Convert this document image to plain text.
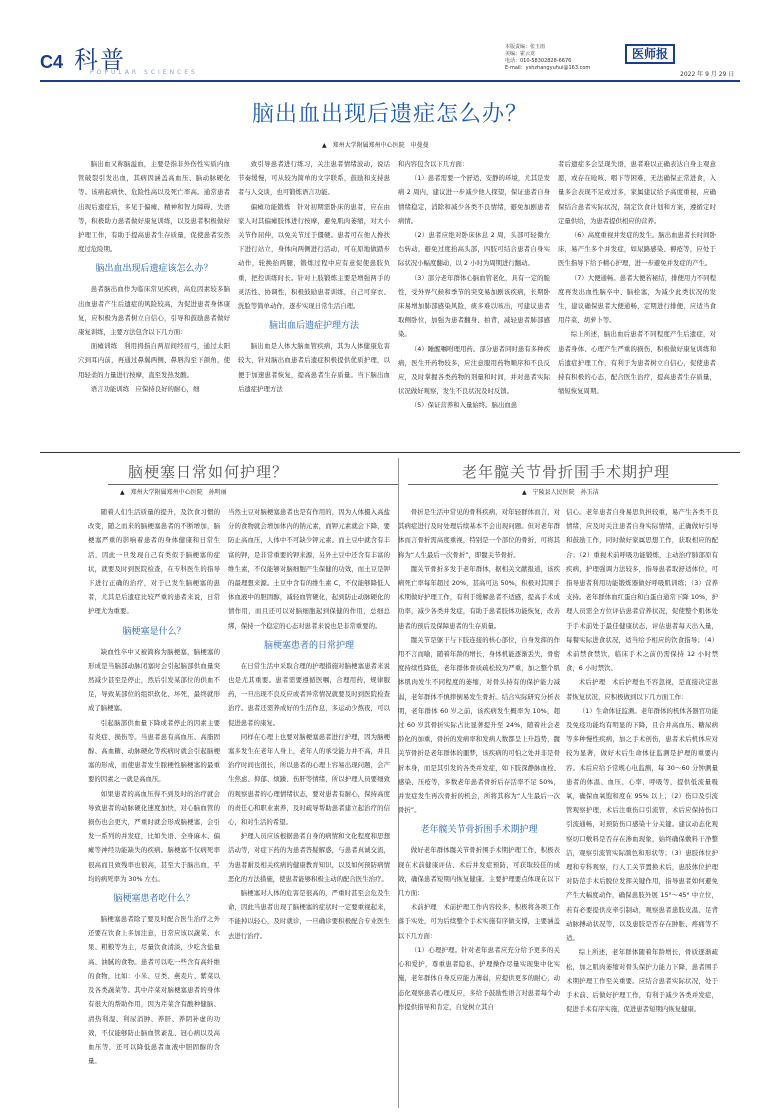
C4 科普
POPULAR SCIENCES
本版责编：张玉雨
美编：霍云龙
电话：010-58302828-6676
E-mail：yshzhangyuhui@163.com
医师报
2022 年 9 月 29 日
脑出血出现后遗症怎么办？
▲　郑州大学附属郑州中心医院　申曼曼

脑出血又称脑溢血，主要是指非外伤性实质内血管破裂引发出血，其病因涵盖高血压、脑动脉硬化等。该病起病快、危险性高以及死亡率高。通常患者出现后遗症后，多见于偏瘫、精神和智力障碍、失语等，积极助力患者做好康复训练，以及患者积极做好护理工作，有助于提高患者生存质量，促使患者安然度过危险期。

脑出血出现后遗症该怎么办？

患者脑出血作为临床常见疾病，高危因素较多脑出血患者产生后遗症的风险较高，为促进患者身体康复，应积极为患者树立自信心，引导和鼓励患者做好康复训练，主要方法包含以下几方面：

面瘫训练　利用拇指自两眉间经眉弓，通过太阳穴到耳内前，再通过鼻翼两侧、鼻唇沟至下颌角，使用轻柔的力量进行按摩，直至发热发酸。

语言功能训练　应保持良好的耐心，细

致引导患者进行练习，关注患者情绪波动，说话节奏缓慢，可从较为简单的文字联系，鼓励和支持患者与人交谈，也可锻炼语言功能。

偏瘫功能锻炼　针对初期需卧床的患者，应在由家人对其偏瘫肢体进行按摩，避免肌肉萎缩，对大小关节作屈伸，以免关节过于僵硬。患者可在他人搀扶下进行站立，身体向两侧进行活动，可在原地做踏步动作，轮换抬两腿，锻炼过程中应有意促使患肢负重，把控训练时长。针对上肢锻炼主要是增强两手的灵活性、协调性，积极鼓励患者训练，自己可穿衣、洗脸等简单动作，逐步实现日常生活自理。

脑出血后遗症护理方法

脑出血是人体大脑血管疾病，其为人体健康危害较大，针对脑出血患者后遗症积极提供优质护理，以便于加速患者恢复，提高患者生存质量。当下脑出血后遗症护理方法

和内容包含以下几方面：

（1）患者需要一个舒适、安静的环境，尤其是发病 2 周内，建议进一步减少他人探望，保证患者自身情绪稳定，消除和减少各类不良情绪，避免加剧患者病情。

（2）患者应绝对卧床休息 2 周，头部可轻微左右转动，避免过度抬高头部，四肢可结合患者自身实际状况小幅度翻动，以 2 小时为周期进行翻动。

（3）部分老年群体心脑血管老化，具有一定的脆性，受外界气候和季节的突变易加剧该疾病，长期卧床易增加肺部感染风险，痰多难以咳出，可建议患者取侧卧位，加强为患者翻身、拍背，减轻患者肺部感染。

（4）睡醒嘱咐理用药。部分患者同时患有多种疾病，医生开药物较多，应注意服用药物顺序和不良反应，及时掌握各类药物的剂量和时间，并对患者实际状况做好观察，发生不良状况及时反馈。

（5）保证营养和入量始终。脑出血患

者后遗症多会呈现失语，患者难以正确表达自身主观意愿，或存在呛咳、咽下等困难，无法确保正常进食，入量多会表现不足或过多，家属建议给予高度重视，应确保结合患者实际状况，制定饮食计划和方案，遵循定时定量供给，为患者提供相应的营养。

（6）高度重视并发症的发生。脑出血患者长时间卧床，易产生多个并发症，如尿路感染、褥疮等，应处于医生指导下给予精心护理，进一步避免并发症的产生。

（7）大便通畅。患者大便若秘结，排便用力不同程度再发出血性脑卒中、脑栓塞，为减少此类状况的发生，建议确保患者大便通畅，定期进行排便，应适当食用芹菜、胡萝卜等。

综上所述，脑出血后患者不同程度产生后遗症，对患者身体、心理产生严重的损伤，积极做好康复训练和后遗症护理工作，有利于为患者树立自信心，促使患者持有积极的心态，配合医生治疗，提高患者生存质量，缩短恢复周期。

脑梗塞日常如何护理？
▲　郑州大学附属郑州中心医院　孙明丽

随着人们生活质量的提升，及饮食习惯的改变，随之而来的脑梗塞患者的不断增加，脑梗塞严重的影响着患者的身体健康和日常生活，因此一旦发现自己有类似于脑梗塞的症状，就要及时到医院检查，在专科医生的指导下进行正确的治疗，对于已发生脑梗塞的患者，尤其是后遗症比较严重的患者来说，日常护理尤为重要。

脑梗塞是什么？

缺血性卒中又被简称为脑梗塞，脑梗塞的形成是当脑部动脉闭塞时会引起脑部供血量突然减少甚至是停止，然后引发某部位的供血不足，导致某部位的组织软化、坏死，最终就形成了脑梗塞。

引起脑部供血量下降或者停止的因素主要有炎症、损伤等。当患者患有高血压、高脂固醇、高血糖、动脉硬化等疾病时就会引起脑梗塞的形成，而使患者发生脓梗性脑梗塞的最重要的因素之一就是高血压。

如果患者的高血压得不到及时的治疗就会导致患者的动脉硬化速度加快，对心脑血管的损伤也会更大，严重时就会形成脑梗塞，会引发一系列的并发症，比如失语、全身麻木、偏瘫等神经功能缺失的疾病。脑梗塞不仅病死率很高而且致残率也很高，甚至大于脑出血，平均的病死率为 30% 左右。

脑梗塞患者吃什么？

脑梗塞患者除了要及时配合医生治疗之外还要在饮食上多加注意，日常应该以蔬菜、水果、粗粮等为主，尽量饮食清淡，少吃含盐量高、油腻的食物。患者可以吃一些含有高纤维的食物，比如：小米、豆类、燕麦片、紫菜以及各类蔬菜等。其中芹菜对脑梗塞患者的身体有很大的帮助作用，因为芹菜含有酸种健脑、清热利湿、利尿消肿、养肝、养阴补虚的功效，不仅能够防止脑血管紊乱、冠心病以及高血压等，还可以降低患者血液中胆固醇的含量。

当然土豆对脑梗塞患者也是有作用的，因为人体摄入高盐分的食物就会增加体内的钠元素，而钾元素就会下降，要防止高血压，人体中不可缺少钾元素。而土豆中就含有丰富的钾，是非常重要的钾来源，另外土豆中还含有丰富的维生素，不仅能够对脑细胞产生保健的功效，而土豆是钾的最理想来源。土豆中含有的维生素 C，不仅能够降低人体血液中的胆固醇，减轻血管硬化，起到防止动脉硬化的情作用，而且还可以对脑细胞起到保健的作用，总细总绑，保持一个稳定的心态对患者来说也是非常重要的。

脑梗塞患者的日常护理

在日常生活中采取合理的护理措施对脑梗塞患者来说也是尤其重要。患者需要遵循医嘱，合理用药，规律服药，一旦出现不良反应或者异常情况就要及时到医院检查治疗。患者还需养成好的生活作息，多运动少熬夜，可以促进患者的康复。

同样在心理上也要对脑梗塞患者进行护理，因为脑梗塞多发生在老年人身上，老年人的承受能力并不高，并且治疗时间也很长，所以患者的心理上容易出现问题，会产生焦虑、抑郁、烦躁、伤肝等情绪，所以护理人员要细致的观察患者的心理情绪状态，要对患者有耐心，保持高度的责任心和职业素养，及时疏导帮助患者建立起治疗的信心，和对生活的希望。

护理人员应该根据患者自身的病情和文化程度和思想活动等，对症下药的为患者答疑解惑，与患者真诚交流，为患者耐及相关疾病的健康教育知识，以及如何预防病情恶化的方法措施，使患者能够积极主动的配合医生治疗。

脑梗塞对人体的危害是很高的，严重时甚至会危及生命，因此当患者出现了脑梗塞的症状时一定要重视起来，不能掉以轻心，及时就诊，一旦确诊要积极配合专业医生去进行治疗。

老年髋关节骨折围手术期护理
▲　宁陵县人民医院　孙玉洁

骨折是生活中常见的骨科疾病，对年轻群体而言，对其病症进行及时处理后续基本不会出现问题。但对老年群体而言骨折需高度重视，特别是一个部位的骨折，可将其称为“人生最后一次骨折”，即髋关节骨折。

髋关节骨折多发于老年群体，据相关文献报道，该疾病死亡率每年超过 20%，甚高可达 50%，积极对其围手术期做好护理工作，有利于缓解患者不适感，提高手术成功率，减少各类并发症，有助于患者肢体功能恢复，改善患者的预后及保障患者的生存质量。

髋关节是躯干与下肢连接的核心部位，自身发挥的作用不言而喻，随着年龄的增长，身体机能逐渐丢失，骨密度持续性降低，老年群体骨质疏松较为严重，加之整个肌体肌肉发生不同程度的萎缩，对骨头持有的保护能力减弱，老年群体不慎摔倒易发生骨折。结合实际研究分析表明，老年群体 60 岁之前，该疾病发生概率为 10%，超过 60 岁其骨折实际占比显著提升至 24%，随着社会老龄化的加重，骨折的发病率和发病人数都呈上升趋势，髋关节骨折是老年群体的噩梦，该疾病的可怕之处并非是骨折本身，而是其引发的各类并发症，如下肢深静脉血栓、感染、压疮等，多数老年患者骨折后存活率不足 50%，并发症发生再次骨折的机会，所将其称为“人生最后一次骨折”。

老年髋关节骨折围手术期护理

做好老年群体髋关节骨折围手术期护理工作，积极表现在术前健康评估、术后并发症预防，可获取较佳的成效，确保患者短期内恢复健康。主要护理要点体现在以下几方面：

术前护理　术前护理工作内容较多，积极将各项工作落于实处，可为后续整个手术实施有序做支撑，主要涵盖以下几方面：

（1）心理护理。针对老年患者应充分给予更多的关心和爱护，尊重患者隐私，护理操作尽量实现集中化实施，老年群体自身反应能力薄弱，应提供更多的耐心，动态化观察患者心理反应，多给予鼓励性语言对患者每个动作提供指导和肯定，自觉树立其自

信心。老年患者自身易思负担较重，易产生各类不良情绪，应及时关注患者自身实际情绪，正确做好引导和鼓励工作，同时做好家属思想工作，获取相应的配合；（2）重视术前呼吸功能锻炼，主动治疗肺部原有疾病，护理强调力法较多，指导患者取舒适体位，可指导患者利用功能锻炼器做好呼吸肌训练；（3）营养支持。老年群体血红蛋白和白蛋白通常下降 10%，护理人员需全方位评估患者营养状况，促使整个肌体处于手术前处于最佳健康状态，评估患者每天出入量，每餐实际进食状况，适当给予相应的饮食指导；（4）术前禁食禁饮，临床手术之前仍需保持 12 小时禁食，6 小时禁饮。

术后护理　术后护理也不容忽视，是直接决定患者恢复状况，应积极做到以下几方面工作：

（1）生命体征监测。老年群体的机体各器官功能及免疫功能均有明显的下降，且合并高血压、糖尿病等多种慢性疾病，加之手术创伤，患者术后机体应对较为显著，做好术后生命体征监测是护理的重要内容。术后应给予常规心电监测，每 30～60 分钟测量患者的体温、血压、心率、呼吸等，提供低流量吸氧，确保血氧饱和度在 95% 以上；（2）伤口及引流管观察护理，术后注重伤口引流管，术后应保持伤口引流通畅，对预防伤口感染十分关键。建议动态化观察切口敷料是否存在渗血现象，始终确保敷料干净整洁，观察引流管实际颜色和形状等；（3）患肢体位护理和专科观察，行人工关节置换术后，患肢体位护理对防范手术后脱位发挥关键作用，指导患者如何避免产生大幅度动作，确保患肢外展 15°～45° 中立位，若有必要提供皮牵引制动，观察患者患肢皮温、足背动脉搏动状况等，以及患肢是否存在肿胀、疼痛等不适。

综上所述，老年群体随着年龄增长，骨质逐渐疏松，加之肌肉萎缩对骨头保护力能力下降，患者围手术期护理工作至关重要。应结合患者实际状况，处于手术前、后做好护理工作，有利于减少各类并发症，促进手术有序实施，促进患者短期内恢复健康。
